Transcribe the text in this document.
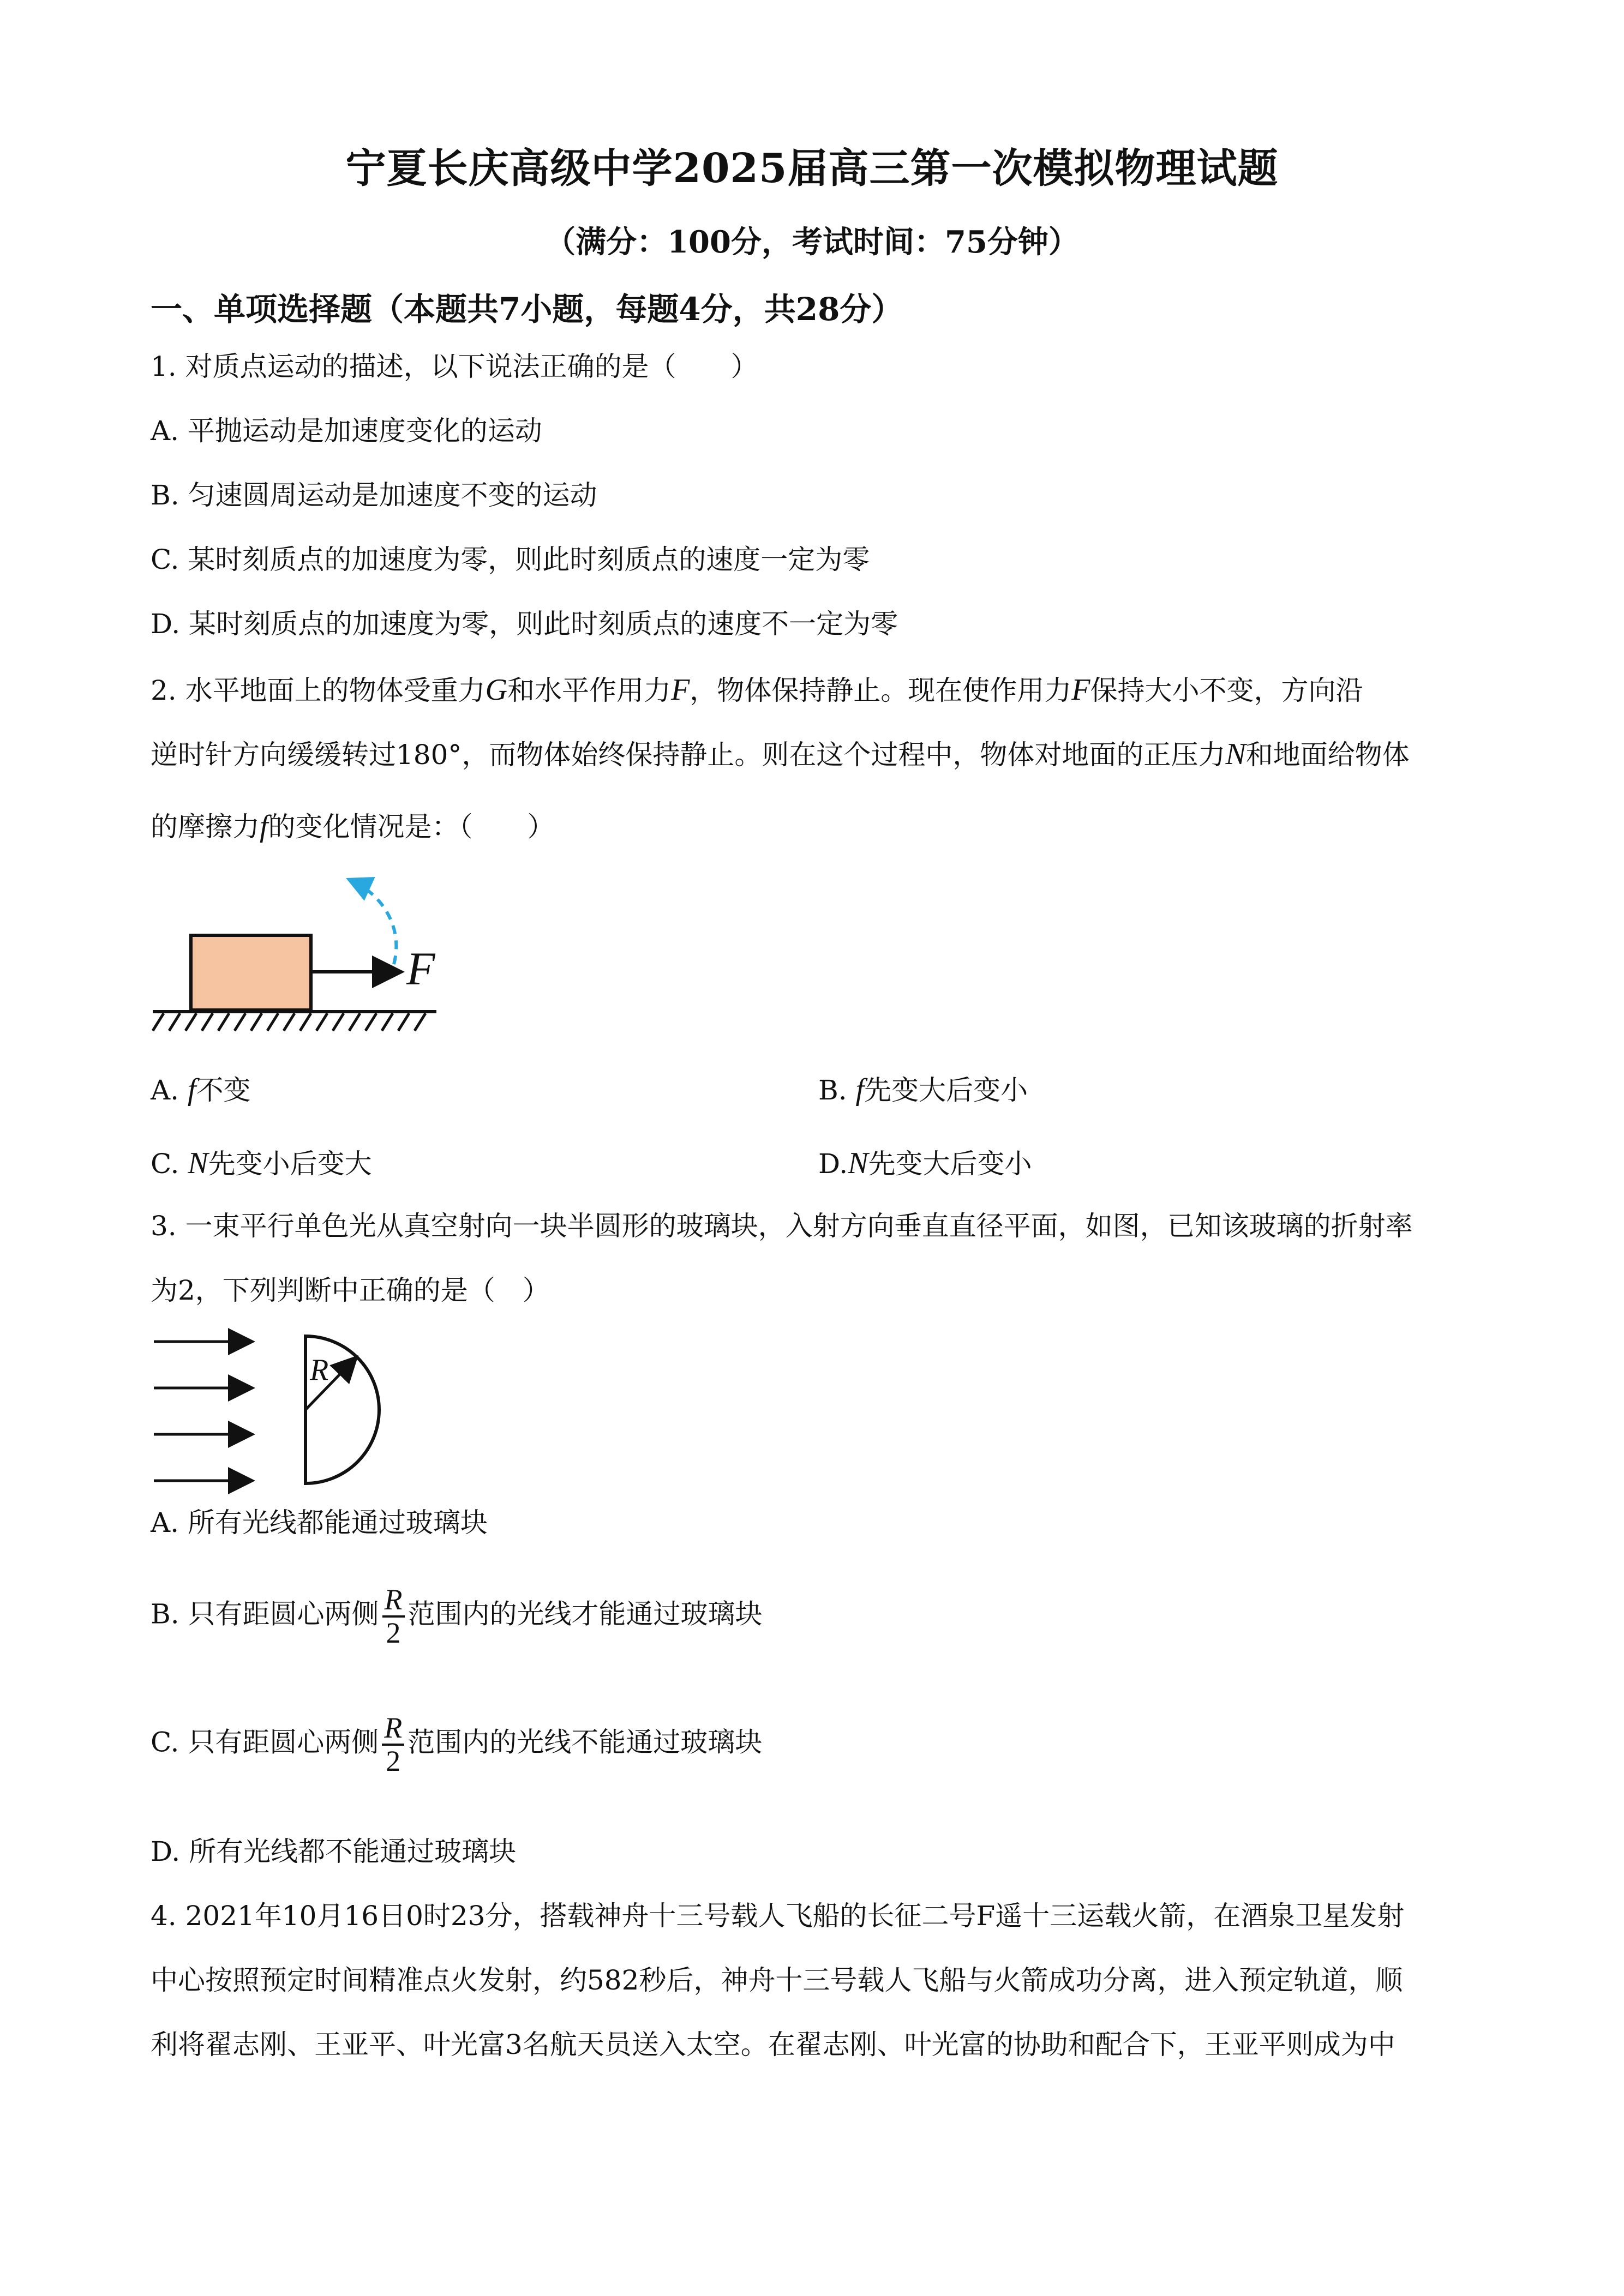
宁夏长庆高级中学2025届高三第一次模拟物理试题
（满分：100分，考试时间：75分钟）
一、单项选择题（本题共7小题，每题4分，共28分）
1. 对质点运动的描述，以下说法正确的是（　　）
A. 平抛运动是加速度变化的运动
B. 匀速圆周运动是加速度不变的运动
C. 某时刻质点的加速度为零，则此时刻质点的速度一定为零
D. 某时刻质点的加速度为零，则此时刻质点的速度不一定为零
2. 水平地面上的物体受重力G和水平作用力F，物体保持静止。现在使作用力F保持大小不变，方向沿
逆时针方向缓缓转过180°，而物体始终保持静止。则在这个过程中，物体对地面的正压力N和地面给物体
的摩擦力f的变化情况是：（　　）
F
A. f不变	B. f先变大后变小
C. N先变小后变大	D.N先变大后变小
3. 一束平行单色光从真空射向一块半圆形的玻璃块，入射方向垂直直径平面，如图，已知该玻璃的折射率
为2，下列判断中正确的是（　）
R
A. 所有光线都能通过玻璃块
B. 只有距圆心两侧 $\frac{R}{2}$ 范围内的光线才能通过玻璃块
C. 只有距圆心两侧 $\frac{R}{2}$ 范围内的光线不能通过玻璃块
D. 所有光线都不能通过玻璃块
4. 2021年10月16日0时23分，搭载神舟十三号载人飞船的长征二号F遥十三运载火箭，在酒泉卫星发射
中心按照预定时间精准点火发射，约582秒后，神舟十三号载人飞船与火箭成功分离，进入预定轨道，顺
利将翟志刚、王亚平、叶光富3名航天员送入太空。在翟志刚、叶光富的协助和配合下，王亚平则成为中
